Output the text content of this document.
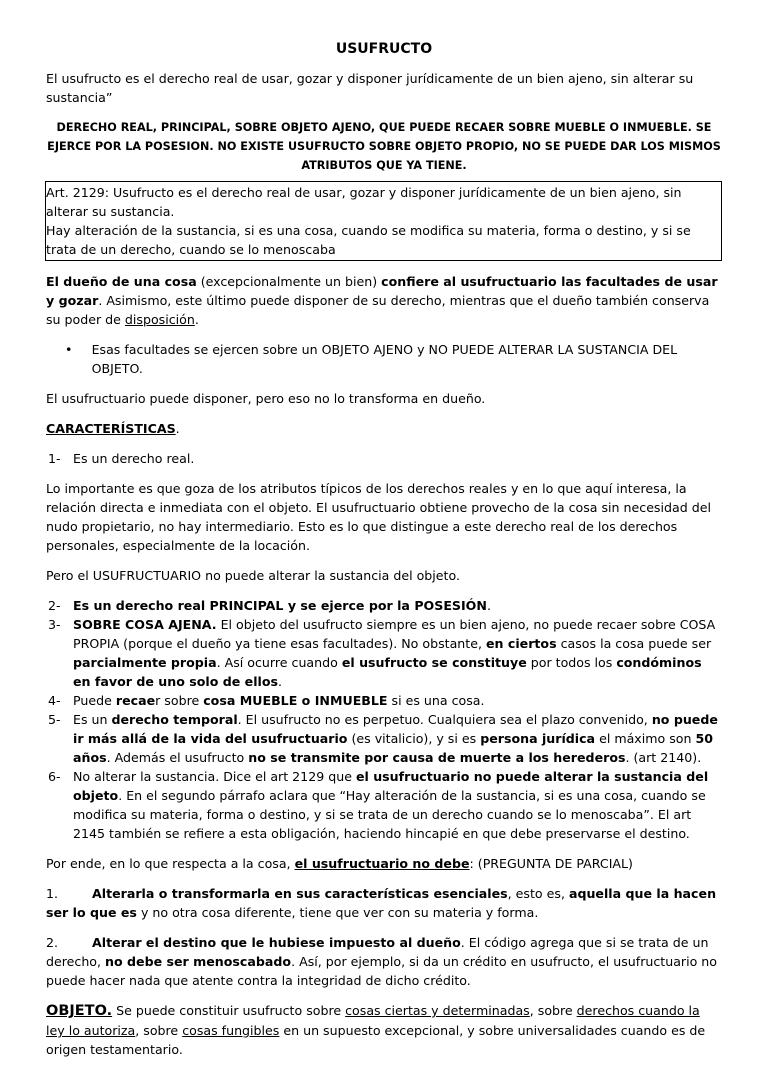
USUFRUCTO

El usufructo es el derecho real de usar, gozar y disponer jurídicamente de un bien ajeno, sin alterar su sustancia”

DERECHO REAL, PRINCIPAL, SOBRE OBJETO AJENO, QUE PUEDE RECAER SOBRE MUEBLE O INMUEBLE. SE EJERCE POR LA POSESION. NO EXISTE USUFRUCTO SOBRE OBJETO PROPIO, NO SE PUEDE DAR LOS MISMOS ATRIBUTOS QUE YA TIENE.
Art. 2129: Usufructo es el derecho real de usar, gozar y disponer jurídicamente de un bien ajeno, sin alterar su sustancia.
Hay alteración de la sustancia, si es una cosa, cuando se modifica su materia, forma o destino, y si se trata de un derecho, cuando se lo menoscaba

El dueño de una cosa (excepcionalmente un bien) confiere al usufructuario las facultades de usar y gozar. Asimismo, este último puede disponer de su derecho, mientras que el dueño también conserva su poder de disposición.

•	Esas facultades se ejercen sobre un OBJETO AJENO y NO PUEDE ALTERAR LA SUSTANCIA DEL OBJETO.

El usufructuario puede disponer, pero eso no lo transforma en dueño.

CARACTERÍSTICAS.

1- Es un derecho real.

Lo importante es que goza de los atributos típicos de los derechos reales y en lo que aquí interesa, la relación directa e inmediata con el objeto. El usufructuario obtiene provecho de la cosa sin necesidad del nudo propietario, no hay intermediario. Esto es lo que distingue a este derecho real de los derechos personales, especialmente de la locación.

Pero el USUFRUCTUARIO no puede alterar la sustancia del objeto.

2- Es un derecho real PRINCIPAL y se ejerce por la POSESIÓN.
3- SOBRE COSA AJENA. El objeto del usufructo siempre es un bien ajeno, no puede recaer sobre COSA PROPIA (porque el dueño ya tiene esas facultades). No obstante, en ciertos casos la cosa puede ser parcialmente propia. Así ocurre cuando el usufructo se constituye por todos los condóminos en favor de uno solo de ellos.
4- Puede recaer sobre cosa MUEBLE o INMUEBLE si es una cosa.
5- Es un derecho temporal. El usufructo no es perpetuo. Cualquiera sea el plazo convenido, no puede ir más allá de la vida del usufructuario (es vitalicio), y si es persona jurídica el máximo son 50 años. Además el usufructo no se transmite por causa de muerte a los herederos. (art 2140).
6- No alterar la sustancia. Dice el art 2129 que el usufructuario no puede alterar la sustancia del objeto. En el segundo párrafo aclara que “Hay alteración de la sustancia, si es una cosa, cuando se modifica su materia, forma o destino, y si se trata de un derecho cuando se lo menoscaba”. El art 2145 también se refiere a esta obligación, haciendo hincapié en que debe preservarse el destino.

Por ende, en lo que respecta a la cosa, el usufructuario no debe: (PREGUNTA DE PARCIAL)

1.	Alterarla o transformarla en sus características esenciales, esto es, aquella que la hacen ser lo que es y no otra cosa diferente, tiene que ver con su materia y forma.

2.	Alterar el destino que le hubiese impuesto al dueño. El código agrega que si se trata de un derecho, no debe ser menoscabado. Así, por ejemplo, si da un crédito en usufructo, el usufructuario no puede hacer nada que atente contra la integridad de dicho crédito.

OBJETO. Se puede constituir usufructo sobre cosas ciertas y determinadas, sobre derechos cuando la ley lo autoriza, sobre cosas fungibles en un supuesto excepcional, y sobre universalidades cuando es de origen testamentario.
